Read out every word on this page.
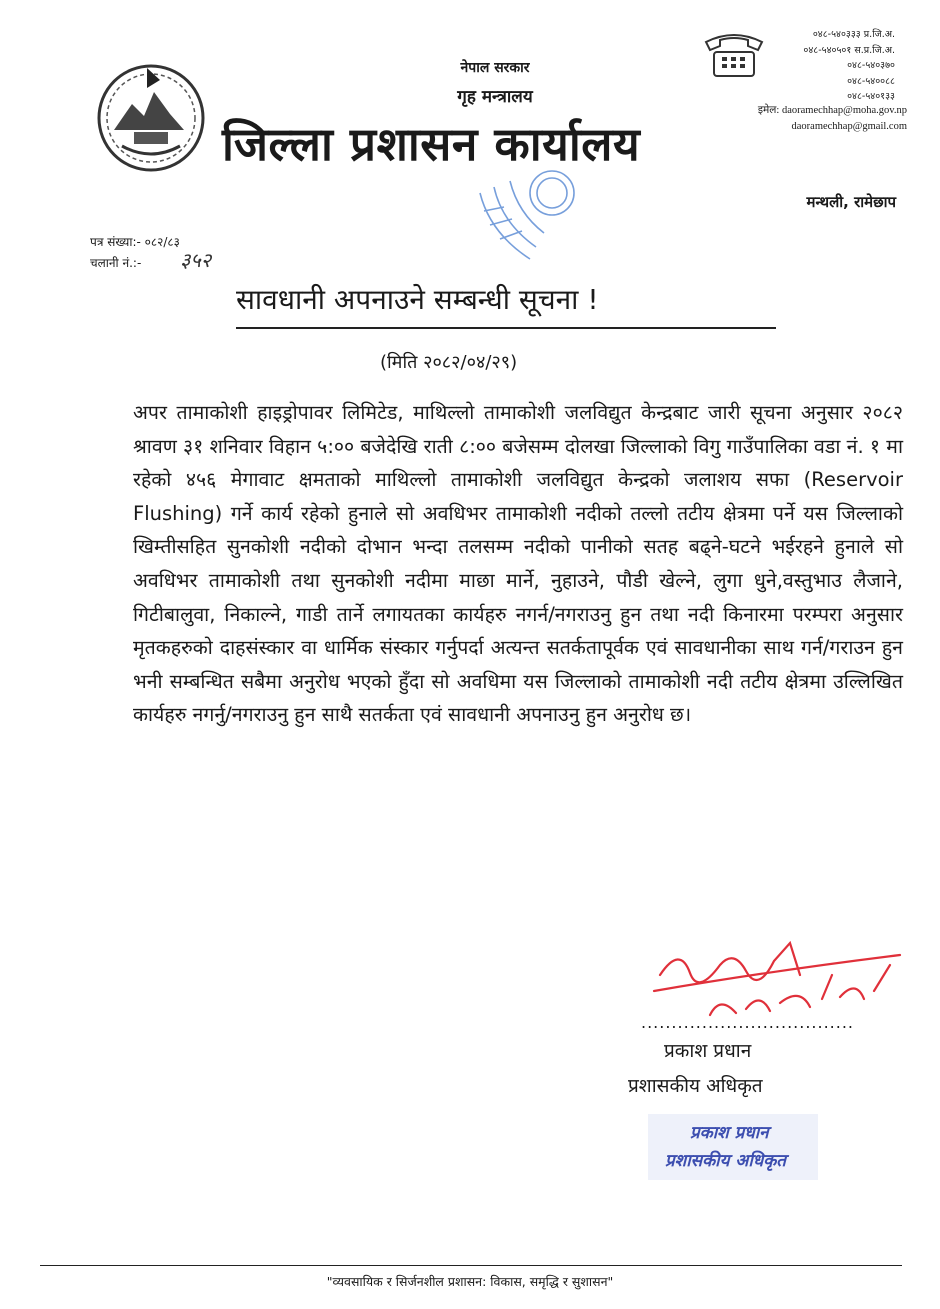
नेपाल सरकार
गृह मन्त्रालय
जिल्ला प्रशासन कार्यालय
०४८-५४०३३३ प्र.जि.अ.
०४८-५४०५०१ स.प्र.जि.अ.
०४८-५४०३७०
०४८-५४००८८
०४८-५४०१३३
इमेल: daoramechhap@moha.gov.np
daoramechhap@gmail.com
मन्थली, रामेछाप
पत्र संख्या:- ०८२/८३
चलानी नं.:- ३५२
सावधानी अपनाउने सम्बन्धी सूचना !
(मिति २०८२/०४/२९)
अपर तामाकोशी हाइड्रोपावर लिमिटेड, माथिल्लो तामाकोशी जलविद्युत केन्द्रबाट जारी सूचना अनुसार २०८२ श्रावण ३१ शनिवार विहान ५:०० बजेदेखि राती ८:०० बजेसम्म दोलखा जिल्लाको विगु गाउँपालिका वडा नं. १ मा रहेको ४५६ मेगावाट क्षमताको माथिल्लो तामाकोशी जलविद्युत केन्द्रको जलाशय सफा (Reservoir Flushing) गर्ने कार्य रहेको हुनाले सो अवधिभर तामाकोशी नदीको तल्लो तटीय क्षेत्रमा पर्ने यस जिल्लाको खिम्तीसहित सुनकोशी नदीको दोभान भन्दा तलसम्म नदीको पानीको सतह बढ्ने-घटने भईरहने हुनाले सो अवधिभर तामाकोशी तथा सुनकोशी नदीमा माछा मार्ने, नुहाउने, पौडी खेल्ने, लुगा धुने,वस्तुभाउ लैजाने, गिटीबालुवा, निकाल्ने, गाडी तार्ने लगायतका कार्यहरु नगर्न/नगराउनु हुन तथा नदी किनारमा परम्परा अनुसार मृतकहरुको दाहसंस्कार वा धार्मिक संस्कार गर्नुपर्दा अत्यन्त सतर्कतापूर्वक एवं सावधानीका साथ गर्न/गराउन हुन भनी सम्बन्धित सबैमा अनुरोध भएको हुँदा सो अवधिमा यस जिल्लाको तामाकोशी नदी तटीय क्षेत्रमा उल्लिखित कार्यहरु नगर्नु/नगराउनु हुन साथै सतर्कता एवं सावधानी अपनाउनु हुन अनुरोध छ।
...................................
प्रकाश प्रधान
प्रशासकीय अधिकृत
प्रकाश प्रधान
प्रशासकीय अधिकृत
"व्यवसायिक र सिर्जनशील प्रशासन: विकास, समृद्धि र सुशासन"
